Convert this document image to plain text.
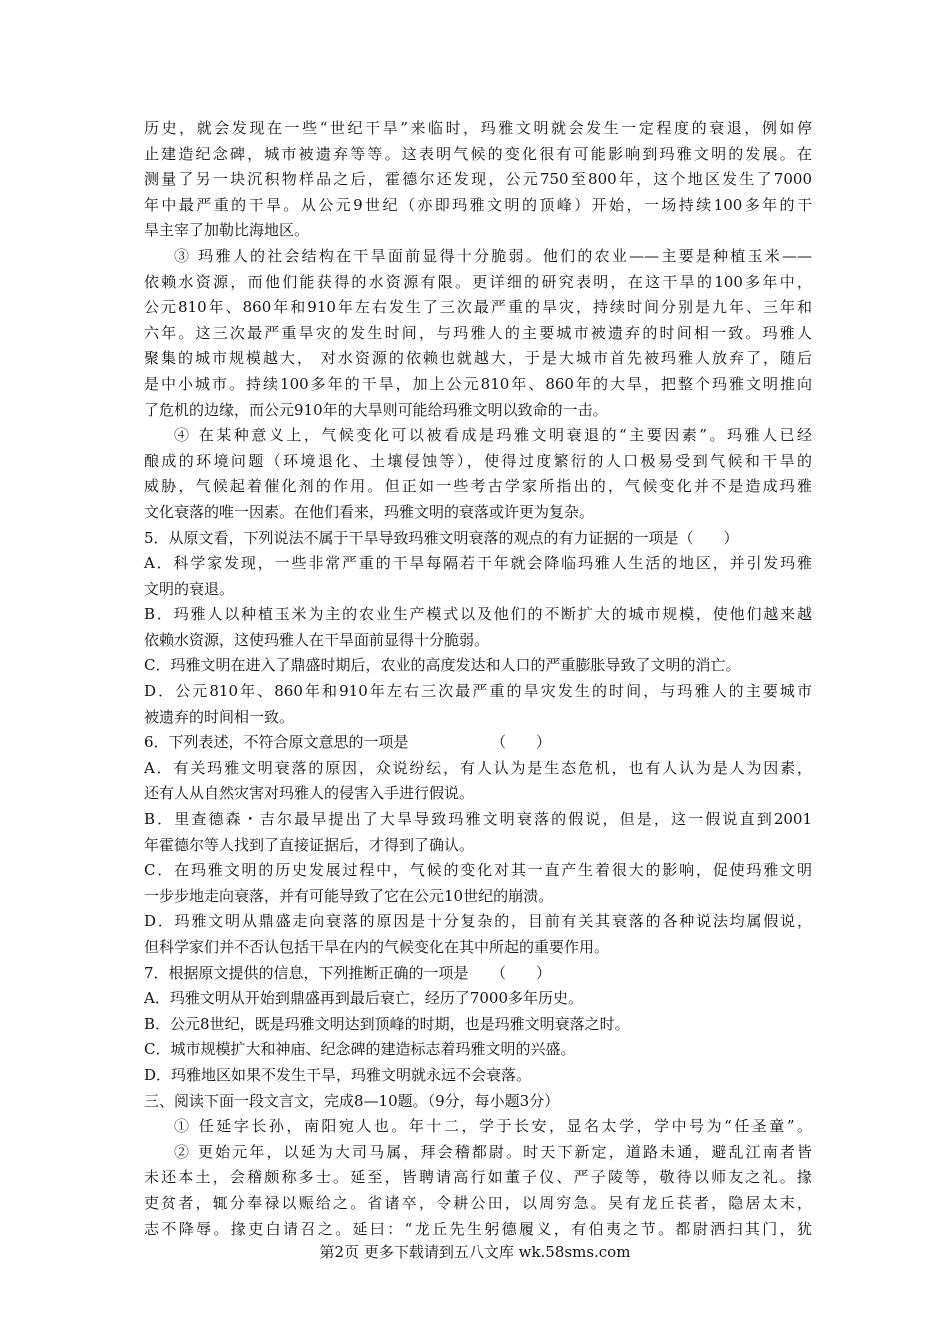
历史，就会发现在一些“世纪干旱”来临时，玛雅文明就会发生一定程度的衰退，例如停
止建造纪念碑，城市被遗弃等等。这表明气候的变化很有可能影响到玛雅文明的发展。在
测量了另一块沉积物样品之后，霍德尔还发现，公元750至800年，这个地区发生了7000
年中最严重的干旱。从公元9世纪（亦即玛雅文明的顶峰）开始，一场持续100多年的干
旱主宰了加勒比海地区。
③ 玛雅人的社会结构在干旱面前显得十分脆弱。他们的农业——主要是种植玉米——
依赖水资源，而他们能获得的水资源有限。更详细的研究表明，在这干旱的100多年中，
公元810年、860年和910年左右发生了三次最严重的旱灾，持续时间分别是九年、三年和
六年。这三次最严重旱灾的发生时间，与玛雅人的主要城市被遗弃的时间相一致。玛雅人
聚集的城市规模越大， 对水资源的依赖也就越大，于是大城市首先被玛雅人放弃了，随后
是中小城市。持续100多年的干旱，加上公元810年、860年的大旱，把整个玛雅文明推向
了危机的边缘，而公元910年的大旱则可能给玛雅文明以致命的一击。
④ 在某种意义上，气候变化可以被看成是玛雅文明衰退的“主要因素”。玛雅人已经
酿成的环境问题（环境退化、土壤侵蚀等），使得过度繁衍的人口极易受到气候和干旱的
威胁，气候起着催化剂的作用。但正如一些考古学家所指出的，气候变化并不是造成玛雅
文化衰落的唯一因素。在他们看来，玛雅文明的衰落或许更为复杂。
5．从原文看，下列说法不属于干旱导致玛雅文明衰落的观点的有力证据的一项是（　　）
A．科学家发现，一些非常严重的干旱每隔若干年就会降临玛雅人生活的地区，并引发玛雅
文明的衰退。
B．玛雅人以种植玉米为主的农业生产模式以及他们的不断扩大的城市规模，使他们越来越
依赖水资源，这使玛雅人在干旱面前显得十分脆弱。
C．玛雅文明在进入了鼎盛时期后，农业的高度发达和人口的严重膨胀导致了文明的消亡。
D．公元810年、860年和910年左右三次最严重的旱灾发生的时间，与玛雅人的主要城市
被遗弃的时间相一致。
6．下列表述，不符合原文意思的一项是　　　　　　（　　）
A．有关玛雅文明衰落的原因，众说纷纭，有人认为是生态危机，也有人认为是人为因素，
还有人从自然灾害对玛雅人的侵害入手进行假说。
B．里查德森・吉尔最早提出了大旱导致玛雅文明衰落的假说，但是，这一假说直到2001
年霍德尔等人找到了直接证据后，才得到了确认。
C．在玛雅文明的历史发展过程中，气候的变化对其一直产生着很大的影响，促使玛雅文明
一步步地走向衰落，并有可能导致了它在公元10世纪的崩溃。
D．玛雅文明从鼎盛走向衰落的原因是十分复杂的，目前有关其衰落的各种说法均属假说，
但科学家们并不否认包括干旱在内的气候变化在其中所起的重要作用。
7．根据原文提供的信息，下列推断正确的一项是　　（　　）
A．玛雅文明从开始到鼎盛再到最后衰亡，经历了7000多年历史。
B．公元8世纪，既是玛雅文明达到顶峰的时期，也是玛雅文明衰落之时。
C．城市规模扩大和神庙、纪念碑的建造标志着玛雅文明的兴盛。
D．玛雅地区如果不发生干旱，玛雅文明就永远不会衰落。
三、阅读下面一段文言文，完成8—10题。（9分，每小题3分）
① 任延字长孙，南阳宛人也。年十二，学于长安，显名太学，学中号为“任圣童”。
② 更始元年，以延为大司马属，拜会稽都尉。时天下新定，道路未通，避乱江南者皆
未还本土，会稽颇称多士。延至，皆聘请高行如董子仪、严子陵等，敬待以师友之礼。掾
吏贫者，辄分奉禄以赈给之。省诸卒，令耕公田，以周穷急。吴有龙丘苌者，隐居太末，
志不降辱。掾吏白请召之。延曰：“龙丘先生躬德履义，有伯夷之节。都尉洒扫其门，犹
第2页 更多下载请到五八文库 wk.58sms.com
